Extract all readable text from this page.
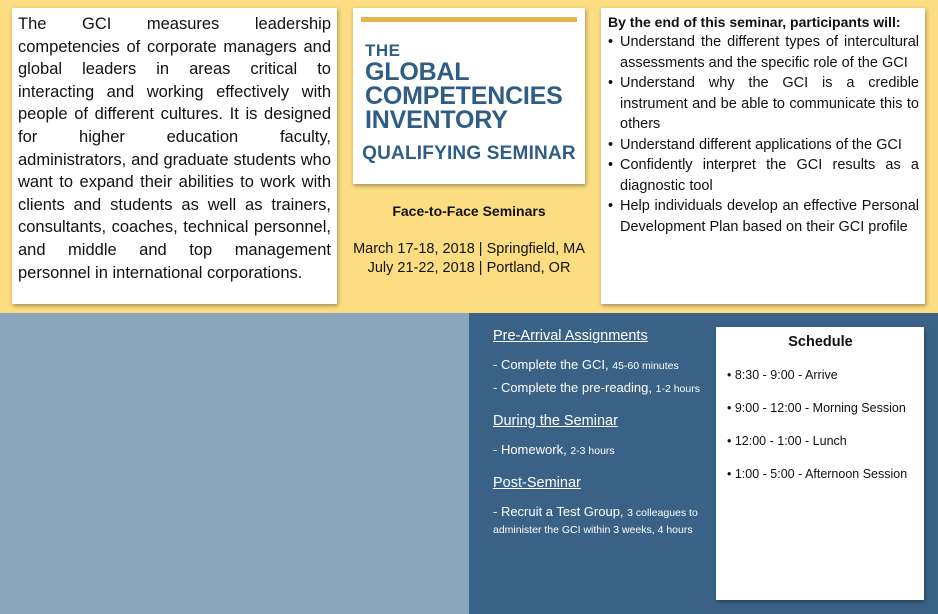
The GCI measures leadership competencies of corporate managers and global leaders in areas critical to interacting and working effectively with people of different cultures. It is designed for higher education faculty, administrators, and graduate students who want to expand their abilities to work with clients and students as well as trainers, consultants, coaches, technical personnel, and middle and top management personnel in international corporations.

THE
GLOBAL
COMPETENCIES
INVENTORY
QUALIFYING SEMINAR
Face-to-Face Seminars
March 17-18, 2018 | Springfield, MA
July 21-22, 2018 | Portland, OR
By the end of this seminar, participants will:
• Understand the different types of intercultural assessments and the specific role of the GCI
• Understand why the GCI is a credible instrument and be able to communicate this to others
• Understand different applications of the GCI
• Confidently interpret the GCI results as a diagnostic tool
• Help individuals develop an effective Personal Development Plan based on their GCI profile
Pre-Arrival Assignments
- Complete the GCI, 45-60 minutes
- Complete the pre-reading, 1-2 hours
During the Seminar
- Homework, 2-3 hours
Post-Seminar
- Recruit a Test Group, 3 colleagues to administer the GCI within 3 weeks, 4 hours
Schedule
• 8:30 - 9:00 - Arrive
• 9:00 - 12:00 - Morning Session
• 12:00 - 1:00 - Lunch
• 1:00 - 5:00 - Afternoon Session
